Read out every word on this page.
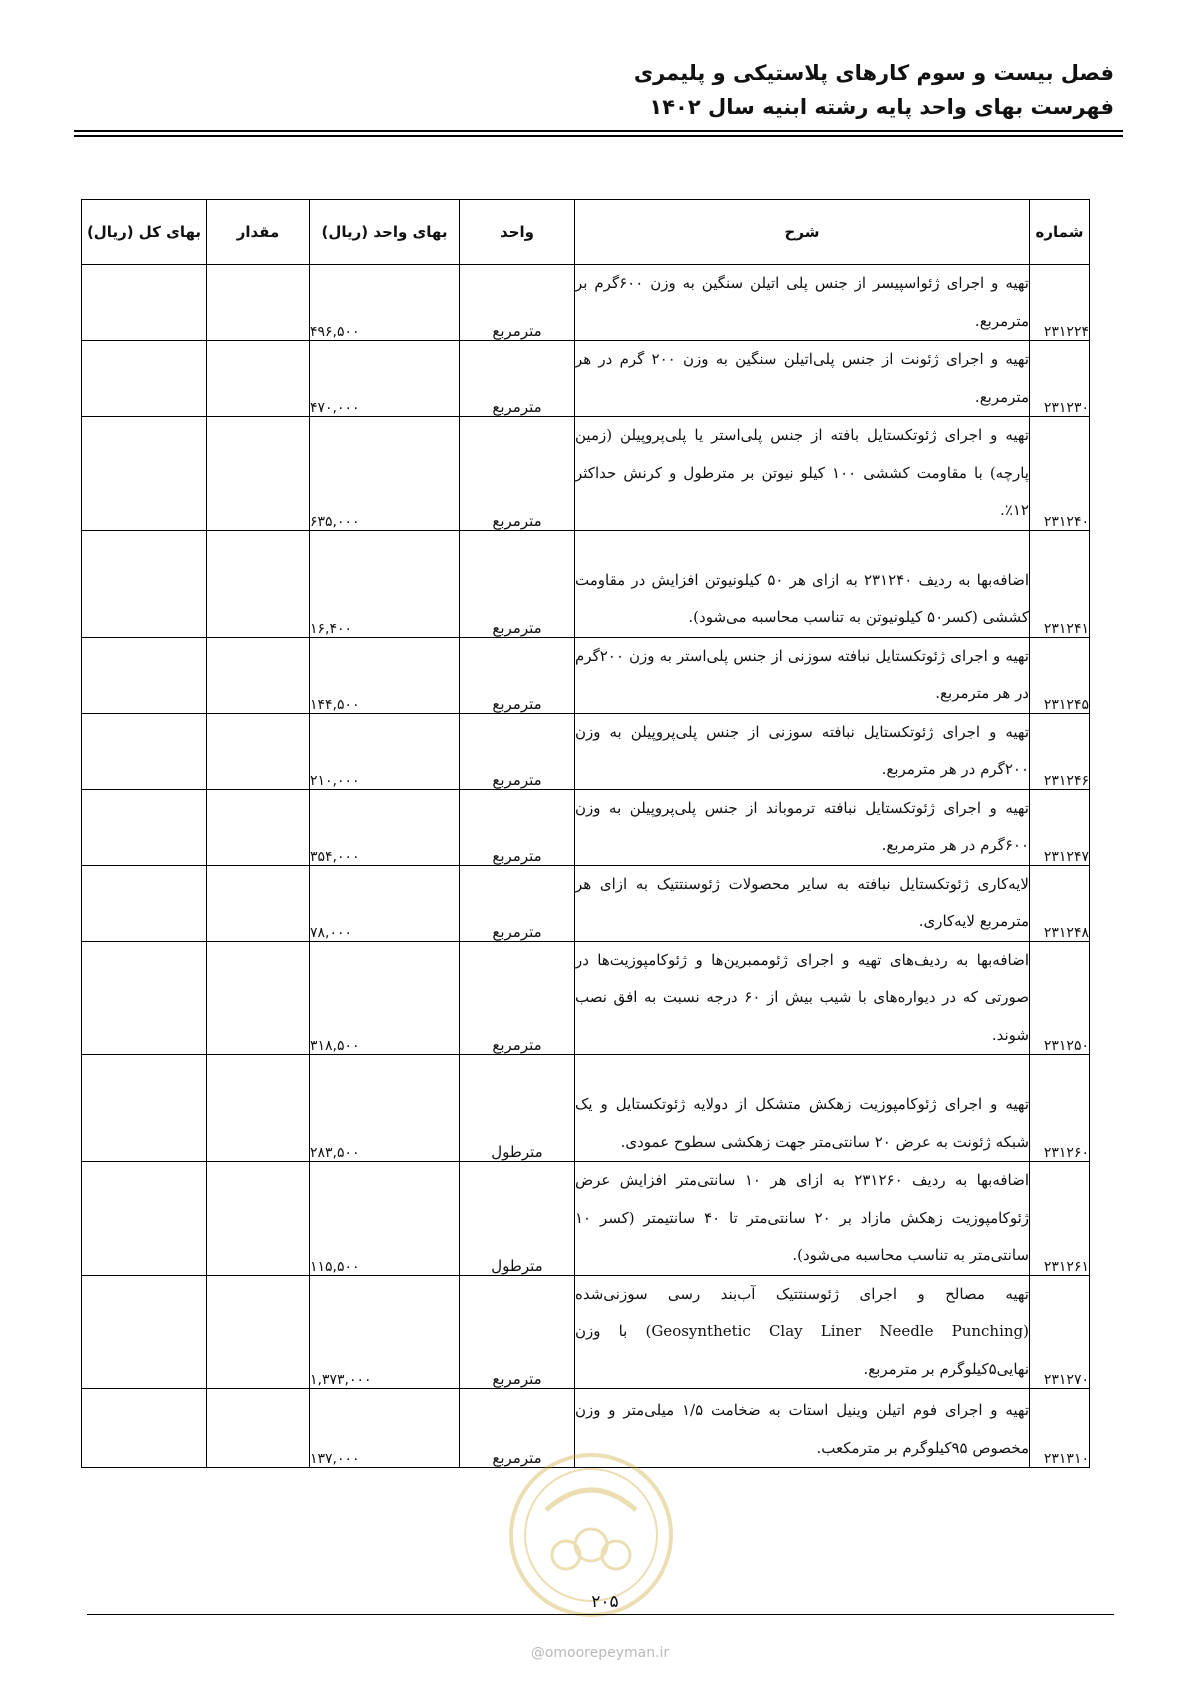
فصل بیست و سوم کارهای پلاستیکی و پلیمری
فهرست بهای واحد پایه رشته ابنیه سال ۱۴۰۲
شماره	شرح	واحد	بهای واحد (ریال)	مقدار	بهای کل (ریال)
۲۳۱۲۲۴	تهیه و اجرای ژئواسپیسر از جنس پلی اتیلن سنگین به وزن ۶۰۰گرم بر مترمربع.	مترمربع	۴۹۶,۵۰۰		
۲۳۱۲۳۰	تهیه و اجرای ژئونت از جنس پلی‌اتیلن سنگین به وزن ۲۰۰ گرم در هر مترمربع.	مترمربع	۴۷۰,۰۰۰		
۲۳۱۲۴۰	تهیه و اجرای ژئوتکستایل بافته از جنس پلی‌استر یا پلی‌پروپیلن (زمین پارچه) با مقاومت کششی ۱۰۰ کیلو نیوتن بر مترطول و کرنش حداکثر ۱۲٪.	مترمربع	۶۳۵,۰۰۰		
۲۳۱۲۴۱	اضافه‌بها به ردیف ۲۳۱۲۴۰ به ازای هر ۵۰ کیلونیوتن افزایش در مقاومت کششی (کسر۵۰ کیلونیوتن به تناسب محاسبه می‌شود).	مترمربع	۱۶,۴۰۰		
۲۳۱۲۴۵	تهیه و اجرای ژئوتکستایل نبافته سوزنی از جنس پلی‌استر به وزن ۲۰۰گرم در هر مترمربع.	مترمربع	۱۴۴,۵۰۰		
۲۳۱۲۴۶	تهیه و اجرای ژئوتکستایل نبافته سوزنی از جنس پلی‌پروپیلن به وزن ۲۰۰گرم در هر مترمربع.	مترمربع	۲۱۰,۰۰۰		
۲۳۱۲۴۷	تهیه و اجرای ژئوتکستایل نبافته ترموباند از جنس پلی‌پروپیلن به وزن ۶۰۰گرم در هر مترمربع.	مترمربع	۳۵۴,۰۰۰		
۲۳۱۲۴۸	لایه‌کاری ژئوتکستایل نبافته به سایر محصولات ژئوسنتتیک به ازای هر مترمربع لایه‌کاری.	مترمربع	۷۸,۰۰۰		
۲۳۱۲۵۰	اضافه‌بها به ردیف‌های تهیه و اجرای ژئوممبرین‌ها و ژئوکامپوزیت‌ها در صورتی که در دیواره‌های با شیب بیش از ۶۰ درجه نسبت به افق نصب شوند.	مترمربع	۳۱۸,۵۰۰		
۲۳۱۲۶۰	تهیه و اجرای ژئوکامپوزیت زهکش متشکل از دولایه ژئوتکستایل و یک شبکه ژئونت به عرض ۲۰ سانتی‌متر جهت زهکشی سطوح عمودی.	مترطول	۲۸۳,۵۰۰		
۲۳۱۲۶۱	اضافه‌بها به ردیف ۲۳۱۲۶۰ به ازای هر ۱۰ سانتی‌متر افزایش عرض ژئوکامپوزیت زهکش مازاد بر ۲۰ سانتی‌متر تا ۴۰ سانتیمتر (کسر ۱۰ سانتی‌متر به تناسب محاسبه می‌شود).	مترطول	۱۱۵,۵۰۰		
۲۳۱۲۷۰	تهیه مصالح و اجرای ژئوسنتتیک آب‌بند رسی سوزنی‌شده (Geosynthetic Clay Liner Needle Punching) با وزن نهایی۵کیلوگرم بر مترمربع.	مترمربع	۱,۳۷۳,۰۰۰		
۲۳۱۳۱۰	تهیه و اجرای فوم اتیلن وینیل استات به ضخامت ۱/۵ میلی‌متر و وزن مخصوص ۹۵کیلوگرم بر مترمکعب.	مترمربع	۱۳۷,۰۰۰		
۲۰۵
@omoorepeyman.ir
